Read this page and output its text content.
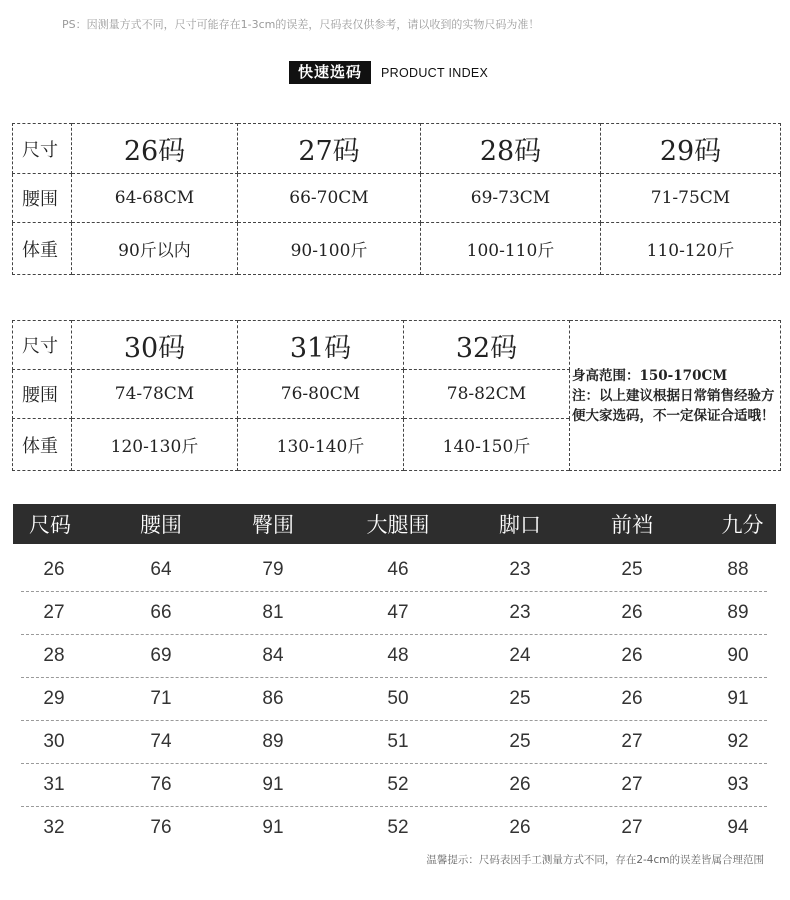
PS：因测量方式不同，尺寸可能存在1-3cm的误差，尺码表仅供参考，请以收到的实物尺码为准！
快速选码	PRODUCT INDEX
尺寸	26码	27码	28码	29码
腰围	64-68CM	66-70CM	69-73CM	71-75CM
体重	90斤以内	90-100斤	100-110斤	110-120斤
尺寸	30码	31码	32码	身高范围：150-170CM
注：以上建议根据日常销售经验方便大家选码，不一定保证合适哦！

腰围	74-78CM	76-80CM	78-82CM	
体重	120-130斤	130-140斤	140-150斤	
尺码	腰围	臀围	大腿围	脚口	前裆	九分
26	64	79	46	23	25	88
27	66	81	47	23	26	89
28	69	84	48	24	26	90
29	71	86	50	25	26	91
30	74	89	51	25	27	92
31	76	91	52	26	27	93
32	76	91	52	26	27	94
温馨提示：尺码表因手工测量方式不同，存在2-4cm的误差皆属合理范围
